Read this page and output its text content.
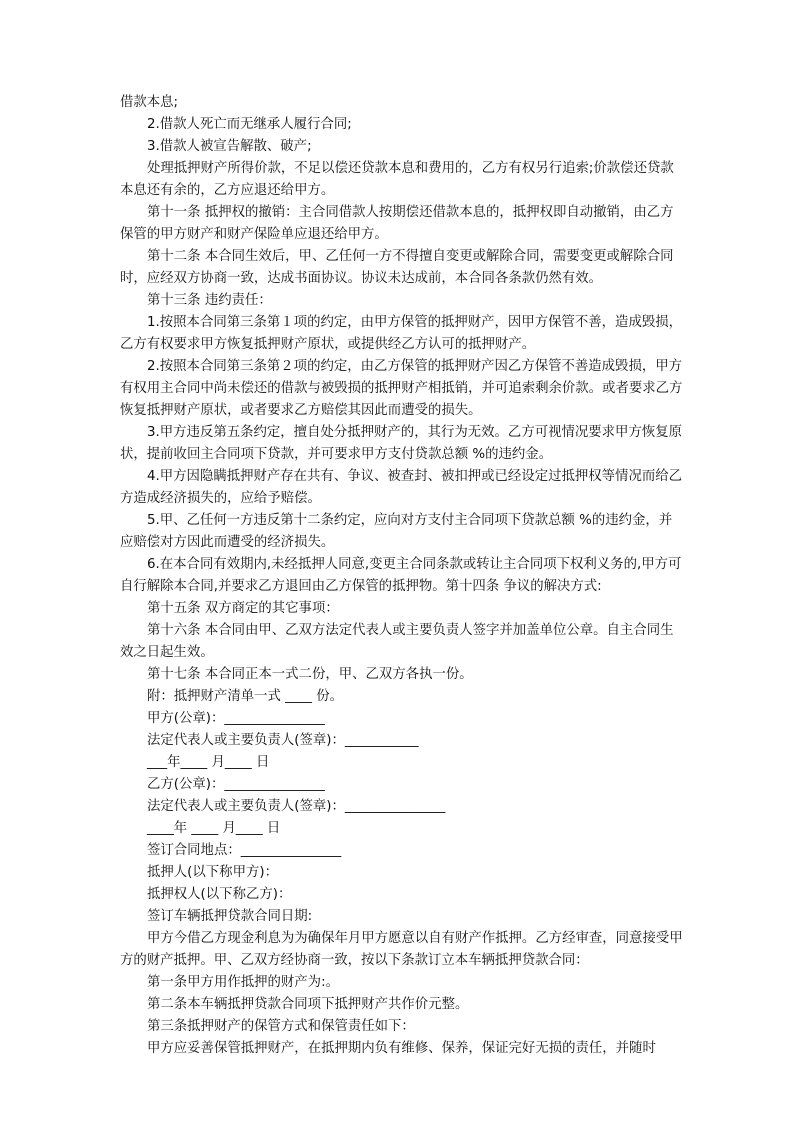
借款本息;

2.借款人死亡而无继承人履行合同;

3.借款人被宣告解散、破产;

处理抵押财产所得价款，不足以偿还贷款本息和费用的，乙方有权另行追索;价款偿还贷款本息还有余的，乙方应退还给甲方。

第十一条 抵押权的撤销：主合同借款人按期偿还借款本息的，抵押权即自动撤销，由乙方保管的甲方财产和财产保险单应退还给甲方。

第十二条 本合同生效后，甲、乙任何一方不得擅自变更或解除合同，需要变更或解除合同时，应经双方协商一致，达成书面协议。协议未达成前，本合同各条款仍然有效。

第十三条 违约责任：

1.按照本合同第三条第１项的约定，由甲方保管的抵押财产，因甲方保管不善，造成毁损，乙方有权要求甲方恢复抵押财产原状，或提供经乙方认可的抵押财产。

2.按照本合同第三条第２项的约定，由乙方保管的抵押财产因乙方保管不善造成毁损，甲方有权用主合同中尚未偿还的借款与被毁损的抵押财产相抵销，并可追索剩余价款。或者要求乙方恢复抵押财产原状，或者要求乙方赔偿其因此而遭受的损失。

3.甲方违反第五条约定，擅自处分抵押财产的，其行为无效。乙方可视情况要求甲方恢复原状，提前收回主合同项下贷款，并可要求甲方支付贷款总额 %的违约金。

4.甲方因隐瞒抵押财产存在共有、争议、被查封、被扣押或已经设定过抵押权等情况而给乙方造成经济损失的，应给予赔偿。

5.甲、乙任何一方违反第十二条约定，应向对方支付主合同项下贷款总额 %的违约金，并应赔偿对方因此而遭受的经济损失。

6.在本合同有效期内,未经抵押人同意,变更主合同条款或转让主合同项下权利义务的,甲方可自行解除本合同,并要求乙方退回由乙方保管的抵押物。第十四条 争议的解决方式:

第十五条 双方商定的其它事项：

第十六条 本合同由甲、乙双方法定代表人或主要负责人签字并加盖单位公章。自主合同生效之日起生效。

第十七条 本合同正本一式二份，甲、乙双方各执一份。

附：抵押财产清单一式 ____ 份。

甲方(公章)：_______________

法定代表人或主要负责人(签章)：___________

___年____ 月____ 日

乙方(公章)：_______________

法定代表人或主要负责人(签章)：_______________

____年 ____ 月____ 日

签订合同地点：_______________

抵押人(以下称甲方)：

抵押权人(以下称乙方)：

签订车辆抵押贷款合同日期:

甲方今借乙方现金利息为为确保年月甲方愿意以自有财产作抵押。乙方经审查，同意接受甲方的财产抵押。甲、乙双方经协商一致，按以下条款订立本车辆抵押贷款合同：

第一条甲方用作抵押的财产为:。

第二条本车辆抵押贷款合同项下抵押财产共作价元整。

第三条抵押财产的保管方式和保管责任如下：

甲方应妥善保管抵押财产，在抵押期内负有维修、保养，保证完好无损的责任，并随时
